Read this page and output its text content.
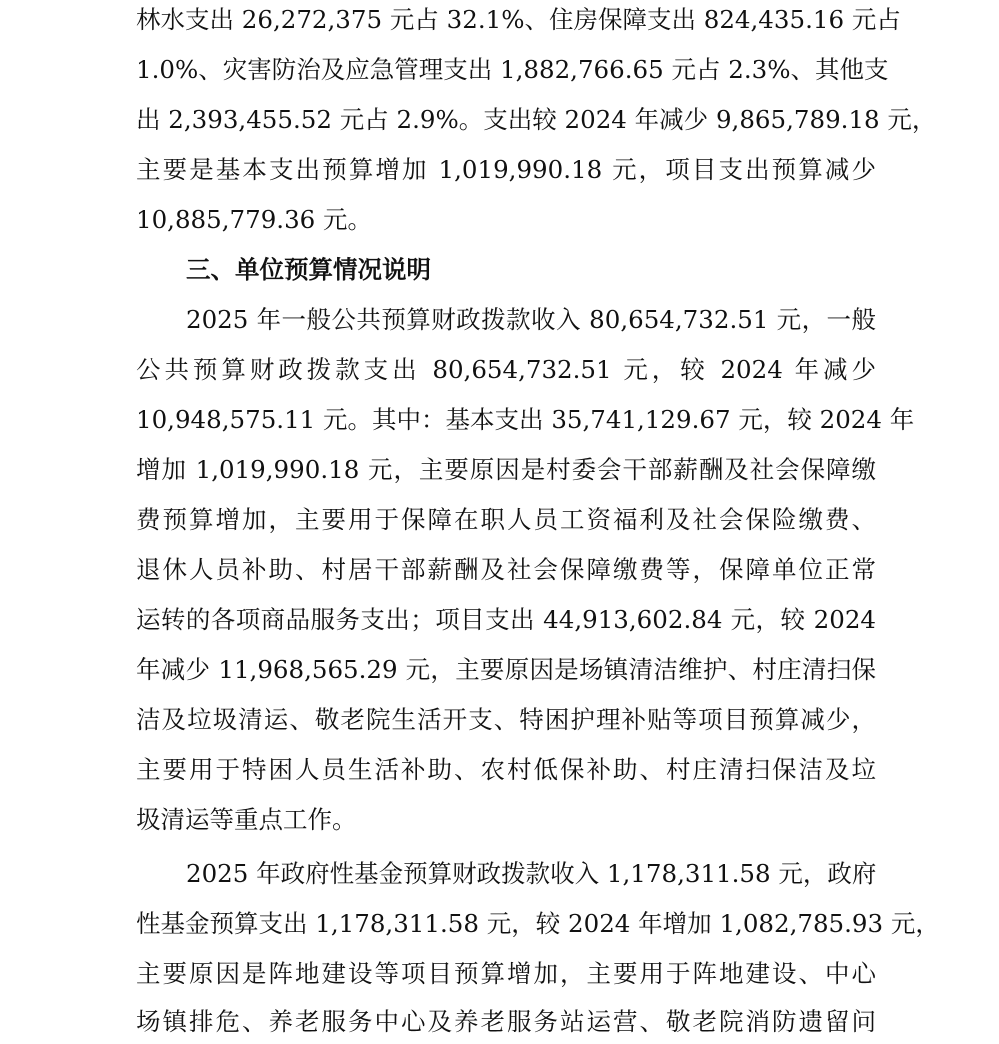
林水支出 26,272,375 元占 32.1%、住房保障支出 824,435.16 元占
1.0%、灾害防治及应急管理支出 1,882,766.65 元占 2.3%、其他支
出 2,393,455.52 元占 2.9%。支出较 2024 年减少 9,865,789.18 元，
主要是基本支出预算增加 1,019,990.18 元，项目支出预算减少
10,885,779.36 元。
三、单位预算情况说明
2025 年一般公共预算财政拨款收入 80,654,732.51 元，一般
公共预算财政拨款支出 80,654,732.51 元，较 2024 年减少
10,948,575.11 元。其中：基本支出 35,741,129.67 元，较 2024 年
增加 1,019,990.18 元，主要原因是村委会干部薪酬及社会保障缴
费预算增加，主要用于保障在职人员工资福利及社会保险缴费、
退休人员补助、村居干部薪酬及社会保障缴费等，保障单位正常
运转的各项商品服务支出；项目支出 44,913,602.84 元，较 2024
年减少 11,968,565.29 元，主要原因是场镇清洁维护、村庄清扫保
洁及垃圾清运、敬老院生活开支、特困护理补贴等项目预算减少，
主要用于特困人员生活补助、农村低保补助、村庄清扫保洁及垃
圾清运等重点工作。
2025 年政府性基金预算财政拨款收入 1,178,311.58 元，政府
性基金预算支出 1,178,311.58 元，较 2024 年增加 1,082,785.93 元，
主要原因是阵地建设等项目预算增加，主要用于阵地建设、中心
场镇排危、养老服务中心及养老服务站运营、敬老院消防遗留问
